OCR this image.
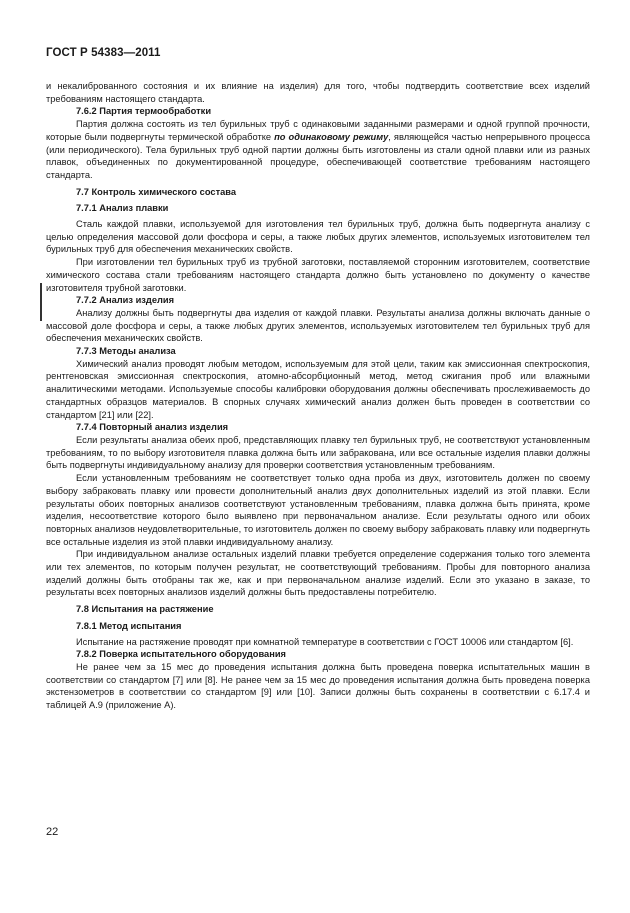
ГОСТ Р 54383—2011

и некалиброванного состояния и их влияние на изделия) для того, чтобы подтвердить соответствие всех изделий требованиям настоящего стандарта.

7.6.2 Партия термообработки

Партия должна состоять из тел бурильных труб с одинаковыми заданными размерами и одной группой прочности, которые были подвергнуты термической обработке по одинаковому режиму, являющейся частью непрерывного процесса (или периодического). Тела бурильных труб одной партии должны быть изготовлены из стали одной плавки или из разных плавок, объединенных по документированной процедуре, обеспечивающей соответствие требованиям настоящего стандарта.

7.7 Контроль химического состава

7.7.1 Анализ плавки

Сталь каждой плавки, используемой для изготовления тел бурильных труб, должна быть подвергнута анализу с целью определения массовой доли фосфора и серы, а также любых других элементов, используемых изготовителем тел бурильных труб для обеспечения механических свойств.

При изготовлении тел бурильных труб из трубной заготовки, поставляемой сторонним изготовителем, соответствие химического состава стали требованиям настоящего стандарта должно быть установлено по документу о качестве изготовителя трубной заготовки.

7.7.2 Анализ изделия

Анализу должны быть подвергнуты два изделия от каждой плавки. Результаты анализа должны включать данные о массовой доле фосфора и серы, а также любых других элементов, используемых изготовителем тел бурильных труб для обеспечения механических свойств.

7.7.3 Методы анализа

Химический анализ проводят любым методом, используемым для этой цели, таким как эмиссионная спектроскопия, рентгеновская эмиссионная спектроскопия, атомно-абсорбционный метод, метод сжигания проб или влажными аналитическими методами. Используемые способы калибровки оборудования должны обеспечивать прослеживаемость до стандартных образцов материалов. В спорных случаях химический анализ должен быть проведен в соответствии со стандартом [21] или [22].

7.7.4 Повторный анализ изделия

Если результаты анализа обеих проб, представляющих плавку тел бурильных труб, не соответствуют установленным требованиям, то по выбору изготовителя плавка должна быть или забракована, или все остальные изделия плавки должны быть подвергнуты индивидуальному анализу для проверки соответствия установленным требованиям.

Если установленным требованиям не соответствует только одна проба из двух, изготовитель должен по своему выбору забраковать плавку или провести дополнительный анализ двух дополнительных изделий из этой плавки. Если результаты обоих повторных анализов соответствуют установленным требованиям, плавка должна быть принята, кроме изделия, несоответствие которого было выявлено при первоначальном анализе. Если результаты одного или обоих повторных анализов неудовлетворительные, то изготовитель должен по своему выбору забраковать плавку или подвергнуть все остальные изделия из этой плавки индивидуальному анализу.

При индивидуальном анализе остальных изделий плавки требуется определение содержания только того элемента или тех элементов, по которым получен результат, не соответствующий требованиям. Пробы для повторного анализа изделий должны быть отобраны так же, как и при первоначальном анализе изделий. Если это указано в заказе, то результаты всех повторных анализов изделий должны быть предоставлены потребителю.

7.8 Испытания на растяжение

7.8.1 Метод испытания

Испытание на растяжение проводят при комнатной температуре в соответствии с ГОСТ 10006 или стандартом [6].

7.8.2 Поверка испытательного оборудования

Не ранее чем за 15 мес до проведения испытания должна быть проведена поверка испытательных машин в соответствии со стандартом [7] или [8]. Не ранее чем за 15 мес до проведения испытания должна быть проведена поверка экстензометров в соответствии со стандартом [9] или [10]. Записи должны быть сохранены в соответствии с 6.17.4 и таблицей А.9 (приложение А).

22
